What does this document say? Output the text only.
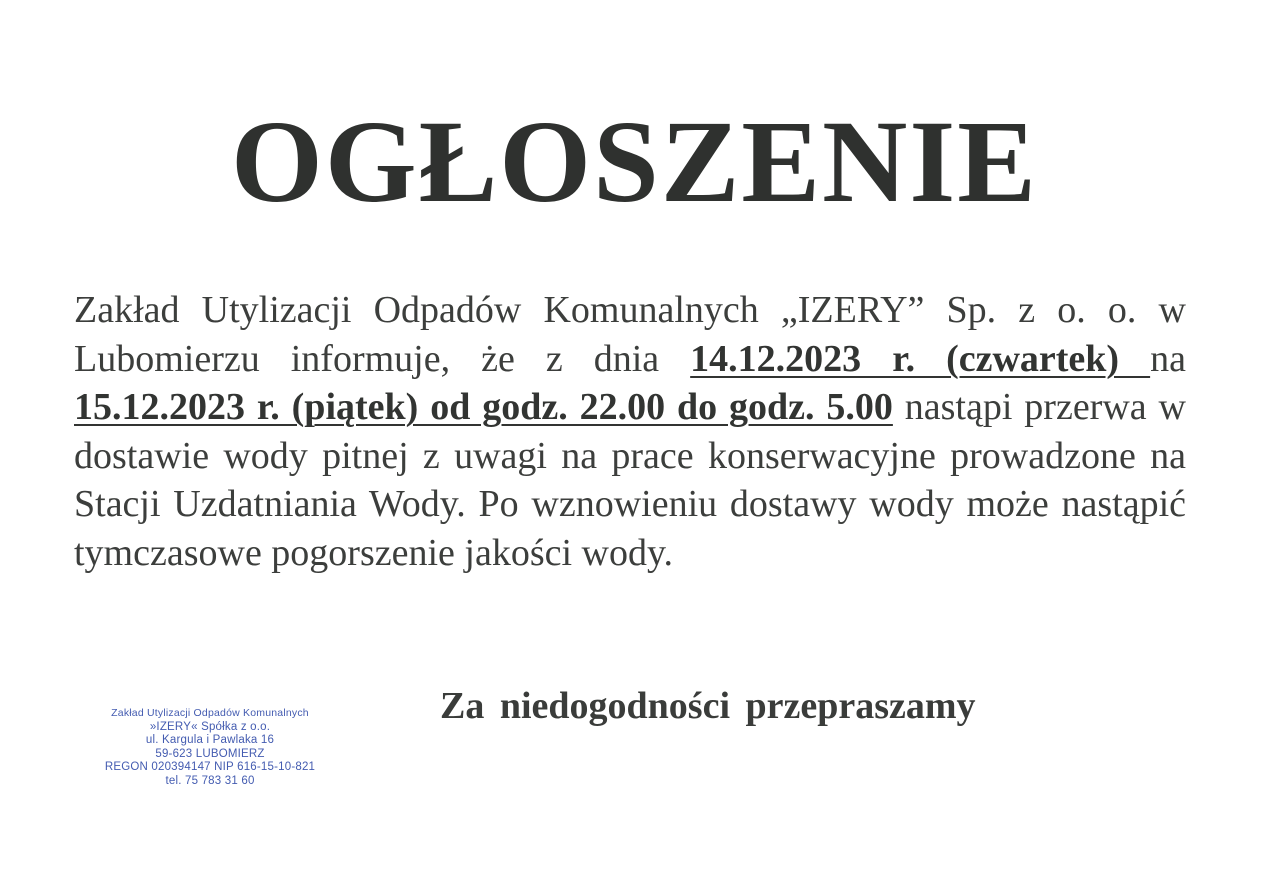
OGŁOSZENIE
Zakład Utylizacji Odpadów Komunalnych „IZERY” Sp. z o. o. w Lubomierzu informuje, że z dnia 14.12.2023 r. (czwartek) na 15.12.2023 r. (piątek) od godz. 22.00 do godz. 5.00 nastąpi przerwa w dostawie wody pitnej z uwagi na prace konserwacyjne prowadzone na Stacji Uzdatniania Wody. Po wznowieniu dostawy wody może nastąpić tymczasowe pogorszenie jakości wody.
Za niedogodności przepraszamy
Zakład Utylizacji Odpadów Komunalnych
»IZERY« Spółka z o.o.
ul. Kargula i Pawlaka 16
59-623 LUBOMIERZ
REGON 020394147 NIP 616-15-10-821
tel. 75 783 31 60
